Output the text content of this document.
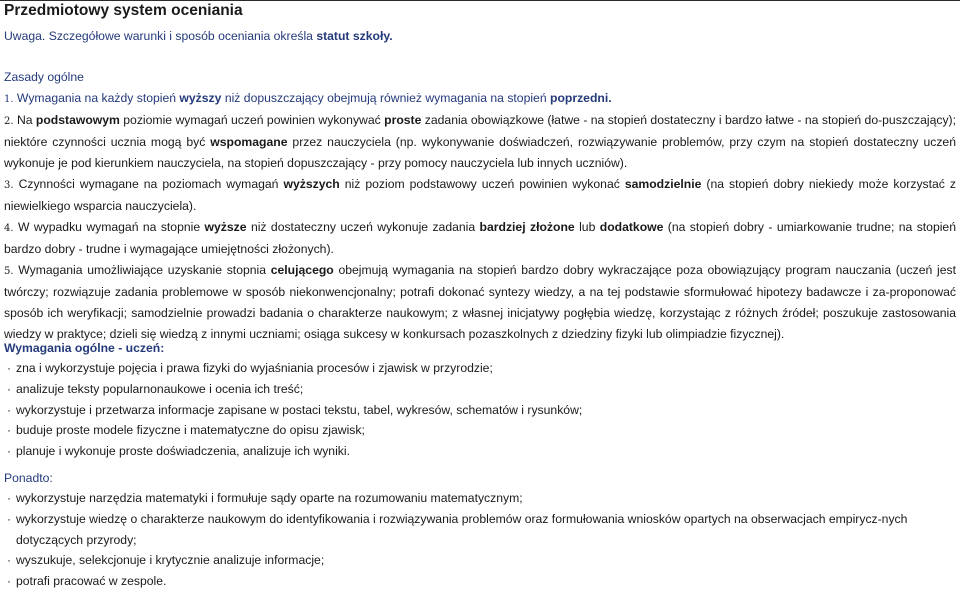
Przedmiotowy system oceniania
Uwaga. Szczegółowe warunki i sposób oceniania określa statut szkoły.
Zasady ogólne
1. Wymagania na każdy stopień wyższy niż dopuszczający obejmują również wymagania na stopień poprzedni.
2. Na podstawowym poziomie wymagań uczeń powinien wykonywać proste zadania obowiązkowe (łatwe - na stopień dostateczny i bardzo łatwe - na stopień do-puszczający); niektóre czynności ucznia mogą być wspomagane przez nauczyciela (np. wykonywanie doświadczeń, rozwiązywanie problemów, przy czym na stopień dostateczny uczeń wykonuje je pod kierunkiem nauczyciela, na stopień dopuszczający - przy pomocy nauczyciela lub innych uczniów).
3. Czynności wymagane na poziomach wymagań wyższych niż poziom podstawowy uczeń powinien wykonać samodzielnie (na stopień dobry niekiedy może korzystać z niewielkiego wsparcia nauczyciela).
4. W wypadku wymagań na stopnie wyższe niż dostateczny uczeń wykonuje zadania bardziej złożone lub dodatkowe (na stopień dobry - umiarkowanie trudne; na stopień bardzo dobry - trudne i wymagające umiejętności złożonych).
5. Wymagania umożliwiające uzyskanie stopnia celującego obejmują wymagania na stopień bardzo dobry wykraczające poza obowiązujący program nauczania (uczeń jest twórczy; rozwiązuje zadania problemowe w sposób niekonwencjonalny; potrafi dokonać syntezy wiedzy, a na tej podstawie sformułować hipotezy badawcze i za-proponować sposób ich weryfikacji; samodzielnie prowadzi badania o charakterze naukowym; z własnej inicjatywy pogłębia wiedzę, korzystając z różnych źródeł; poszukuje zastosowania wiedzy w praktyce; dzieli się wiedzą z innymi uczniami; osiąga sukcesy w konkursach pozaszkolnych z dziedziny fizyki lub olimpiadzie fizycznej).
Wymagania ogólne - uczeń:
· zna i wykorzystuje pojęcia i prawa fizyki do wyjaśniania procesów i zjawisk w przyrodzie;
· analizuje teksty popularnonaukowe i ocenia ich treść;
· wykorzystuje i przetwarza informacje zapisane w postaci tekstu, tabel, wykresów, schematów i rysunków;
· buduje proste modele fizyczne i matematyczne do opisu zjawisk;
· planuje i wykonuje proste doświadczenia, analizuje ich wyniki.
Ponadto:
· wykorzystuje narzędzia matematyki i formułuje sądy oparte na rozumowaniu matematycznym;
· wykorzystuje wiedzę o charakterze naukowym do identyfikowania i rozwiązywania problemów oraz formułowania wniosków opartych na obserwacjach empirycz-nych dotyczących przyrody;
· wyszukuje, selekcjonuje i krytycznie analizuje informacje;
· potrafi pracować w zespole.
